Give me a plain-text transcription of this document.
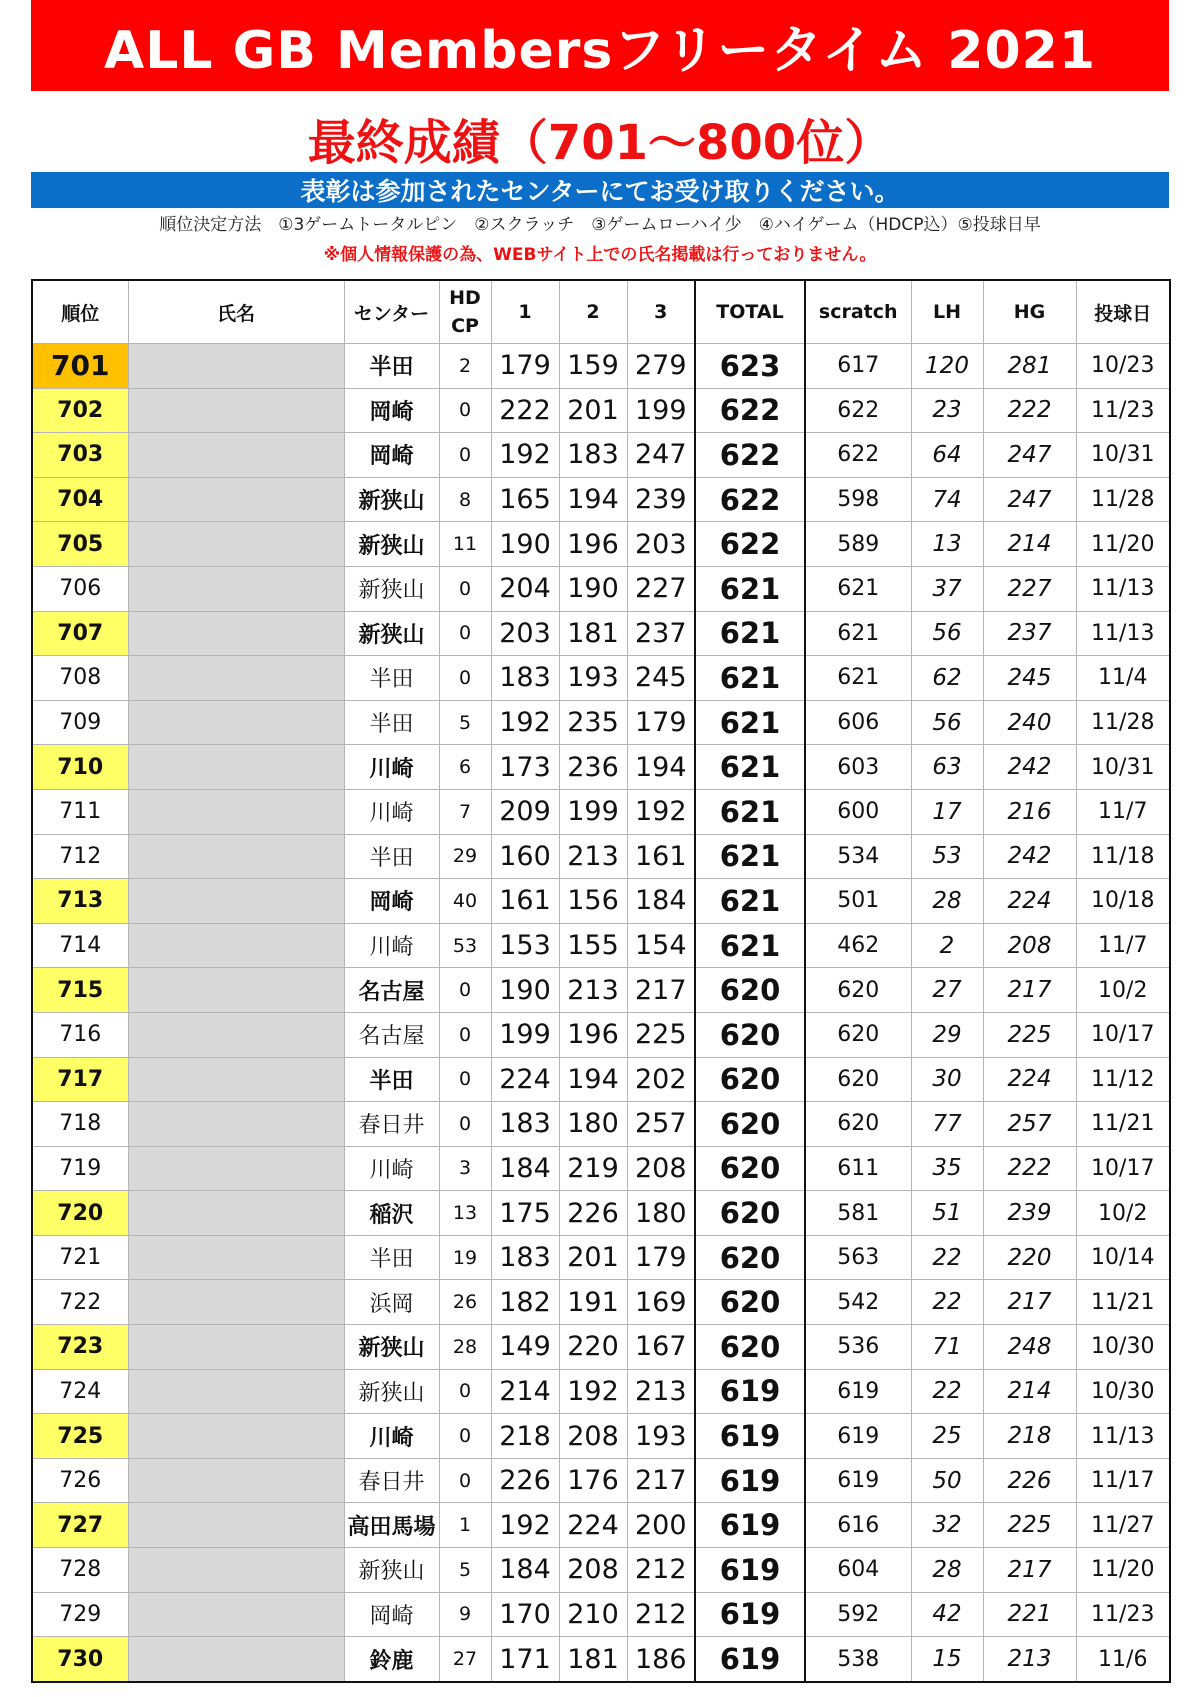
ALL GB Membersフリータイム 2021
最終成績（701〜800位）
表彰は参加されたセンターにてお受け取りください。
順位決定方法　①3ゲームトータルピン　②スクラッチ　③ゲームローハイ少　④ハイゲーム（HDCP込）⑤投球日早
※個人情報保護の為、WEBサイト上での氏名掲載は行っておりません。
順位	氏名	センター	HD
CP	1	2	3	TOTAL	scratch	LH	HG	投球日
701		半田	2	179	159	279	623	617	120	281	10/23
702		岡崎	0	222	201	199	622	622	23	222	11/23
703		岡崎	0	192	183	247	622	622	64	247	10/31
704		新狭山	8	165	194	239	622	598	74	247	11/28
705		新狭山	11	190	196	203	622	589	13	214	11/20
706		新狭山	0	204	190	227	621	621	37	227	11/13
707		新狭山	0	203	181	237	621	621	56	237	11/13
708		半田	0	183	193	245	621	621	62	245	11/4
709		半田	5	192	235	179	621	606	56	240	11/28
710		川崎	6	173	236	194	621	603	63	242	10/31
711		川崎	7	209	199	192	621	600	17	216	11/7
712		半田	29	160	213	161	621	534	53	242	11/18
713		岡崎	40	161	156	184	621	501	28	224	10/18
714		川崎	53	153	155	154	621	462	2	208	11/7
715		名古屋	0	190	213	217	620	620	27	217	10/2
716		名古屋	0	199	196	225	620	620	29	225	10/17
717		半田	0	224	194	202	620	620	30	224	11/12
718		春日井	0	183	180	257	620	620	77	257	11/21
719		川崎	3	184	219	208	620	611	35	222	10/17
720		稲沢	13	175	226	180	620	581	51	239	10/2
721		半田	19	183	201	179	620	563	22	220	10/14
722		浜岡	26	182	191	169	620	542	22	217	11/21
723		新狭山	28	149	220	167	620	536	71	248	10/30
724		新狭山	0	214	192	213	619	619	22	214	10/30
725		川崎	0	218	208	193	619	619	25	218	11/13
726		春日井	0	226	176	217	619	619	50	226	11/17
727		高田馬場	1	192	224	200	619	616	32	225	11/27
728		新狭山	5	184	208	212	619	604	28	217	11/20
729		岡崎	9	170	210	212	619	592	42	221	11/23
730		鈴鹿	27	171	181	186	619	538	15	213	11/6
